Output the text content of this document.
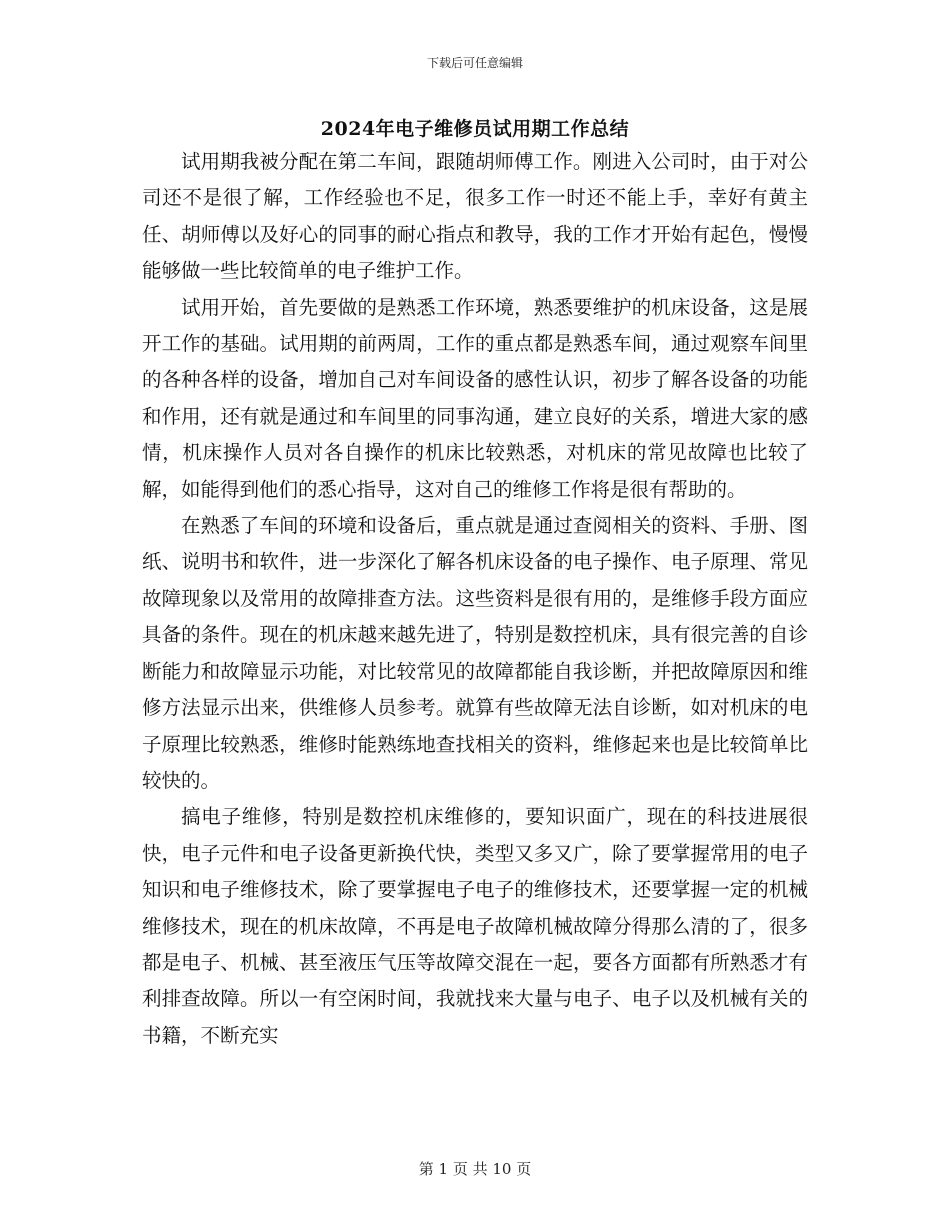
下载后可任意编辑
2024年电子维修员试用期工作总结

试用期我被分配在第二车间，跟随胡师傅工作。刚进入公司时，由于对公司还不是很了解，工作经验也不足，很多工作一时还不能上手，幸好有黄主任、胡师傅以及好心的同事的耐心指点和教导，我的工作才开始有起色，慢慢能够做一些比较简单的电子维护工作。

试用开始，首先要做的是熟悉工作环境，熟悉要维护的机床设备，这是展开工作的基础。试用期的前两周，工作的重点都是熟悉车间，通过观察车间里的各种各样的设备，增加自己对车间设备的感性认识，初步了解各设备的功能和作用，还有就是通过和车间里的同事沟通，建立良好的关系，增进大家的感情，机床操作人员对各自操作的机床比较熟悉，对机床的常见故障也比较了解，如能得到他们的悉心指导，这对自己的维修工作将是很有帮助的。

在熟悉了车间的环境和设备后，重点就是通过查阅相关的资料、手册、图纸、说明书和软件，进一步深化了解各机床设备的电子操作、电子原理、常见故障现象以及常用的故障排查方法。这些资料是很有用的，是维修手段方面应具备的条件。现在的机床越来越先进了，特别是数控机床，具有很完善的自诊断能力和故障显示功能，对比较常见的故障都能自我诊断，并把故障原因和维修方法显示出来，供维修人员参考。就算有些故障无法自诊断，如对机床的电子原理比较熟悉，维修时能熟练地查找相关的资料，维修起来也是比较简单比较快的。

搞电子维修，特别是数控机床维修的，要知识面广，现在的科技进展很快，电子元件和电子设备更新换代快，类型又多又广，除了要掌握常用的电子知识和电子维修技术，除了要掌握电子电子的维修技术，还要掌握一定的机械维修技术，现在的机床故障，不再是电子故障机械故障分得那么清的了，很多都是电子、机械、甚至液压气压等故障交混在一起，要各方面都有所熟悉才有利排查故障。所以一有空闲时间，我就找来大量与电子、电子以及机械有关的书籍，不断充实

第 1 页 共 10 页
